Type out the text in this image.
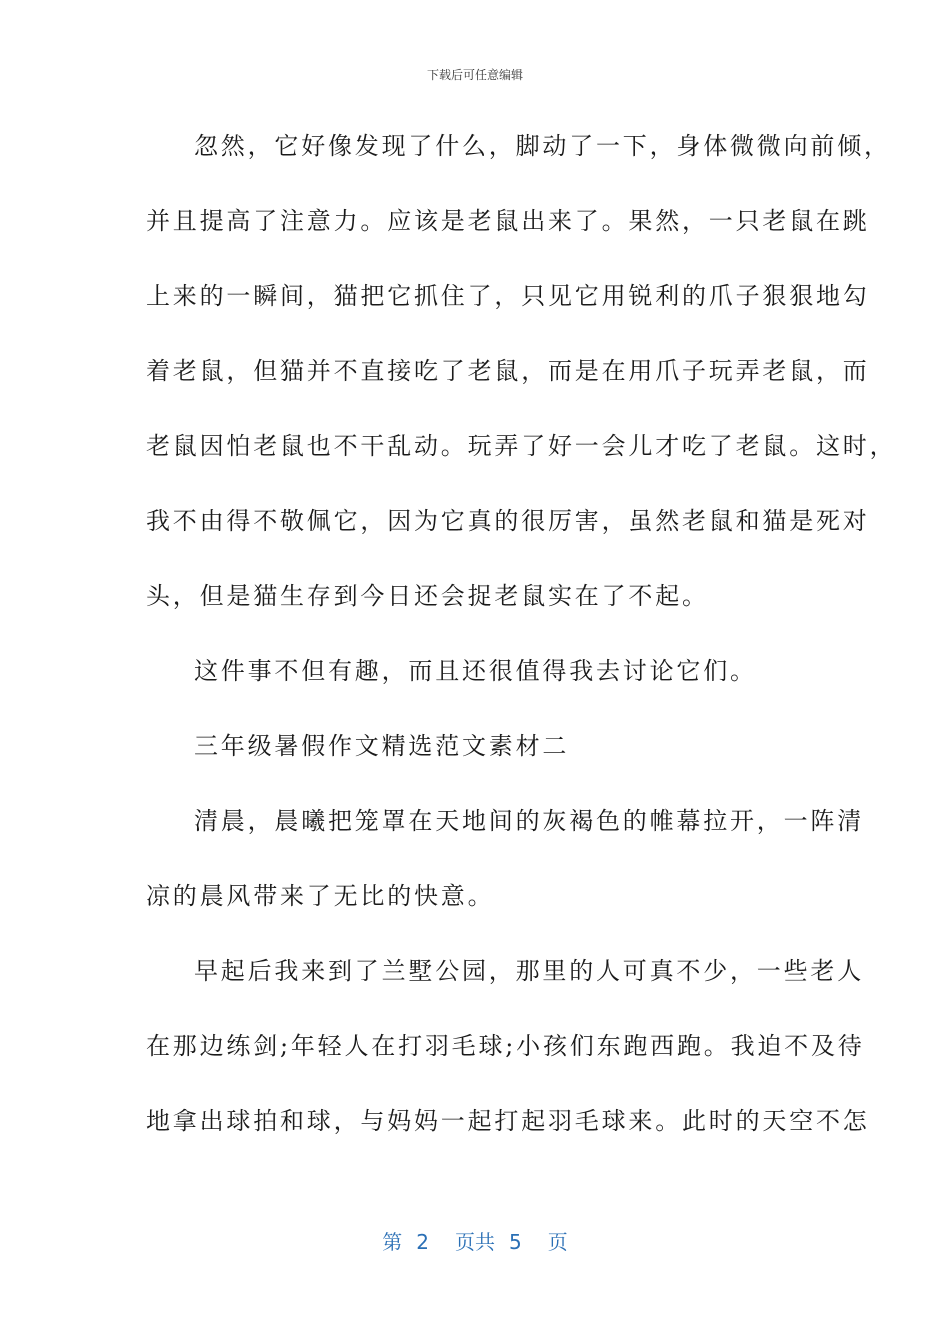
下载后可任意编辑
忽然，它好像发现了什么，脚动了一下，身体微微向前倾，
并且提高了注意力。应该是老鼠出来了。果然，一只老鼠在跳
上来的一瞬间，猫把它抓住了，只见它用锐利的爪子狠狠地勾
着老鼠，但猫并不直接吃了老鼠，而是在用爪子玩弄老鼠，而
老鼠因怕老鼠也不干乱动。玩弄了好一会儿才吃了老鼠。这时，
我不由得不敬佩它，因为它真的很厉害，虽然老鼠和猫是死对
头，但是猫生存到今日还会捉老鼠实在了不起。
这件事不但有趣，而且还很值得我去讨论它们。
三年级暑假作文精选范文素材二
清晨，晨曦把笼罩在天地间的灰褐色的帷幕拉开，一阵清
凉的晨风带来了无比的快意。
早起后我来到了兰墅公园，那里的人可真不少，一些老人
在那边练剑;年轻人在打羽毛球;小孩们东跑西跑。我迫不及待
地拿出球拍和球，与妈妈一起打起羽毛球来。此时的天空不怎
第 2 页共 5 页
